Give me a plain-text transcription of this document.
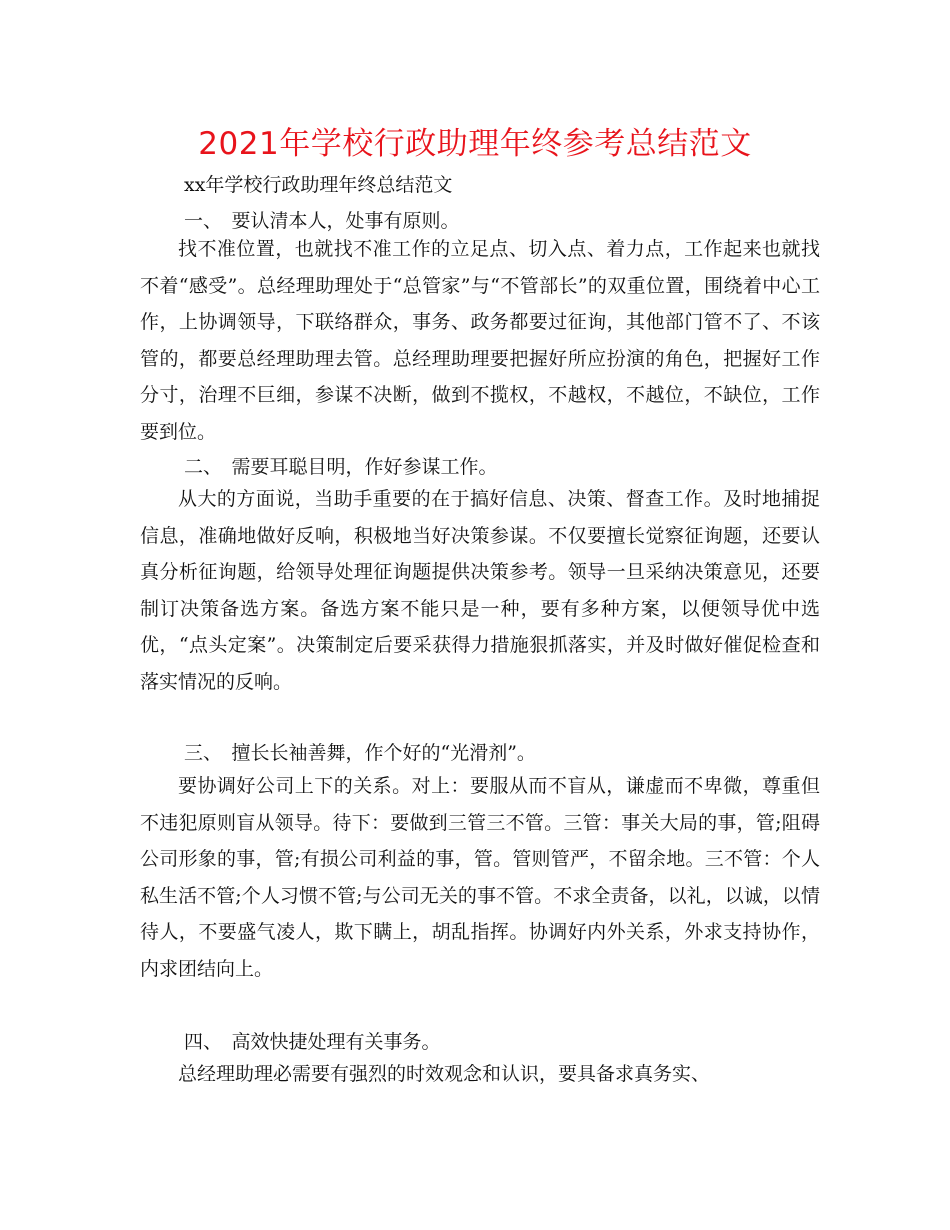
2021年学校行政助理年终参考总结范文
xx年学校行政助理年终总结范文
一、　要认清本人，处事有原则。

找不准位置，也就找不准工作的立足点、切入点、着力点，工作起来也就找不着“感受”。总经理助理处于“总管家”与“不管部长”的双重位置，围绕着中心工作，上协调领导，下联络群众，事务、政务都要过征询，其他部门管不了、不该管的，都要总经理助理去管。总经理助理要把握好所应扮演的角色，把握好工作分寸，治理不巨细，参谋不决断，做到不揽权，不越权，不越位，不缺位，工作要到位。

二、　需要耳聪目明，作好参谋工作。

从大的方面说，当助手重要的在于搞好信息、决策、督查工作。及时地捕捉信息，准确地做好反响，积极地当好决策参谋。不仅要擅长觉察征询题，还要认真分析征询题，给领导处理征询题提供决策参考。领导一旦采纳决策意见，还要制订决策备选方案。备选方案不能只是一种，要有多种方案，以便领导优中选优，“点头定案”。决策制定后要采获得力措施狠抓落实，并及时做好催促检查和落实情况的反响。

三、　擅长长袖善舞，作个好的“光滑剂”。

要协调好公司上下的关系。对上：要服从而不盲从，谦虚而不卑微，尊重但不违犯原则盲从领导。待下：要做到三管三不管。三管：事关大局的事，管;阻碍公司形象的事，管;有损公司利益的事，管。管则管严，不留余地。三不管：个人私生活不管;个人习惯不管;与公司无关的事不管。不求全责备，以礼，以诚，以情待人，不要盛气凌人，欺下瞒上，胡乱指挥。协调好内外关系，外求支持协作，内求团结向上。

四、　高效快捷处理有关事务。

总经理助理必需要有强烈的时效观念和认识，要具备求真务实、
